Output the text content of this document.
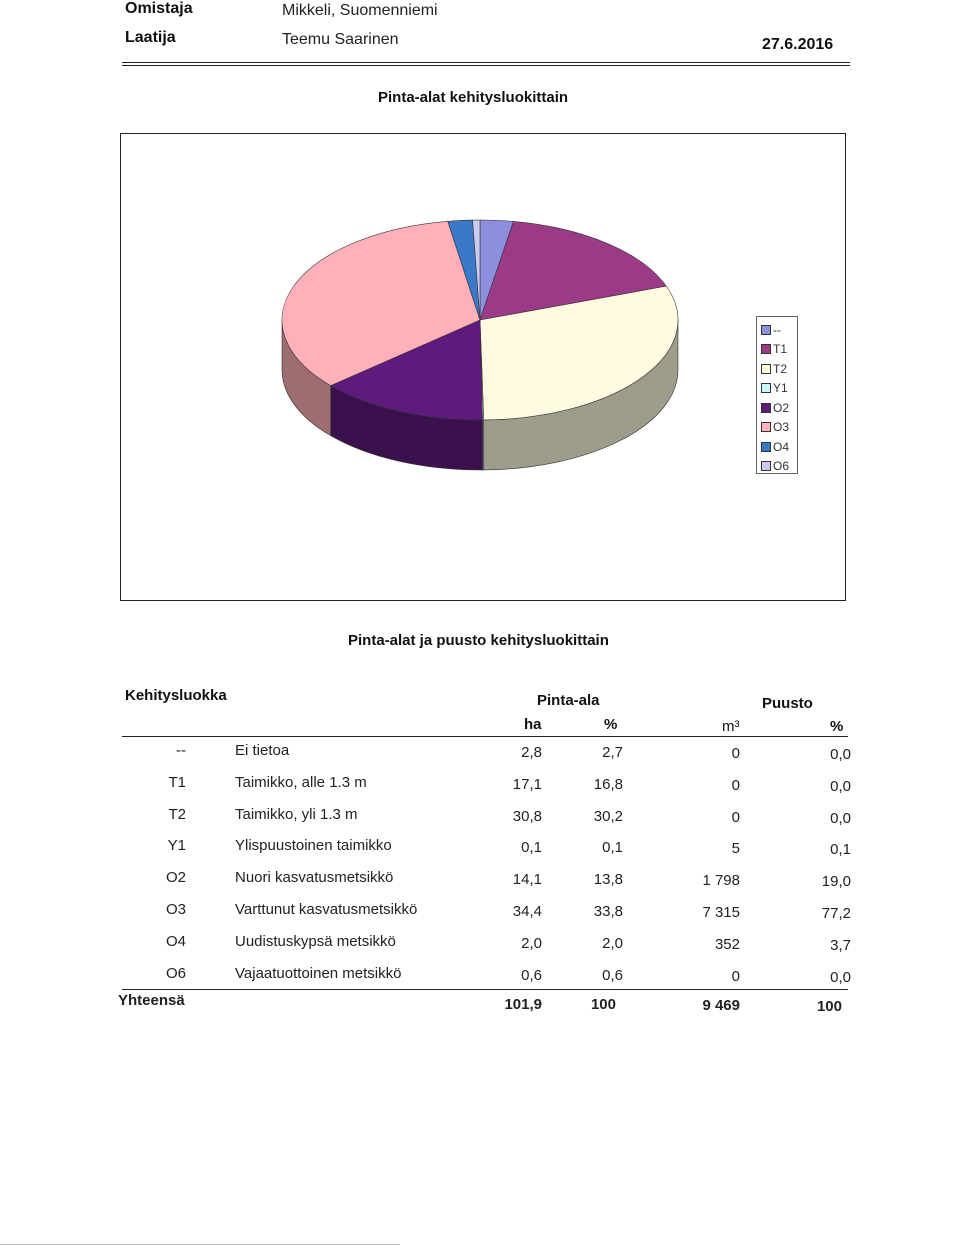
Omistaja	Mikkeli, Suomenniemi
Laatija	Teemu Saarinen	27.6.2016
Pinta-alat kehitysluokittain
--
T1
T2
Y1
O2
O3
O4
O6
Pinta-alat ja puusto kehitysluokittain
Kehitysluokka	Pinta-ala	Puusto
ha	%	m³	%
--	Ei tietoa	2,8	2,7	0	0,0
T1	Taimikko, alle 1.3 m	17,1	16,8	0	0,0
T2	Taimikko, yli 1.3 m	30,8	30,2	0	0,0
Y1	Ylispuustoinen taimikko	0,1	0,1	5	0,1
O2	Nuori kasvatusmetsikkö	14,1	13,8	1 798	19,0
O3	Varttunut kasvatusmetsikkö	34,4	33,8	7 315	77,2
O4	Uudistuskypsä metsikkö	2,0	2,0	352	3,7
O6	Vajaatuottoinen metsikkö	0,6	0,6	0	0,0
Yhteensä	101,9	100	9 469	100
